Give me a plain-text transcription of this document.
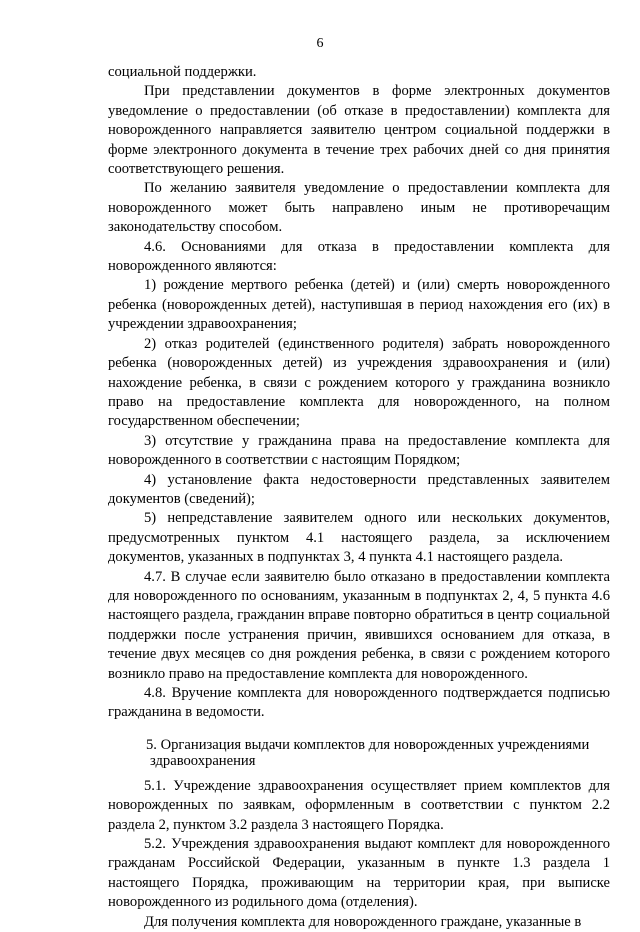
6

социальной поддержки.

При представлении документов в форме электронных документов уведомление о предоставлении (об отказе в предоставлении) комплекта для новорожденного направляется заявителю центром социальной поддержки в форме электронного документа в течение трех рабочих дней со дня принятия соответствующего решения.

По желанию заявителя уведомление о предоставлении комплекта для новорожденного может быть направлено иным не противоречащим законодательству способом.

4.6. Основаниями для отказа в предоставлении комплекта для новорожденного являются:

1) рождение мертвого ребенка (детей) и (или) смерть новорожденного ребенка (новорожденных детей), наступившая в период нахождения его (их) в учреждении здравоохранения;

2) отказ родителей (единственного родителя) забрать новорожденного ребенка (новорожденных детей) из учреждения здравоохранения и (или) нахождение ребенка, в связи с рождением которого у гражданина возникло право на предоставление комплекта для новорожденного, на полном государственном обеспечении;

3) отсутствие у гражданина права на предоставление комплекта для новорожденного в соответствии с настоящим Порядком;

4) установление факта недостоверности представленных заявителем документов (сведений);

5) непредставление заявителем одного или нескольких документов, предусмотренных пунктом 4.1 настоящего раздела, за исключением документов, указанных в подпунктах 3, 4 пункта 4.1 настоящего раздела.

4.7. В случае если заявителю было отказано в предоставлении комплекта для новорожденного по основаниям, указанным в подпунктах 2, 4, 5 пункта 4.6 настоящего раздела, гражданин вправе повторно обратиться в центр социальной поддержки после устранения причин, явившихся основанием для отказа, в течение двух месяцев со дня рождения ребенка, в связи с рождением которого возникло право на предоставление комплекта для новорожденного.

4.8. Вручение комплекта для новорожденного подтверждается подписью гражданина в ведомости.

5. Организация выдачи комплектов для новорожденных учреждениями
здравоохранения

5.1. Учреждение здравоохранения осуществляет прием комплектов для новорожденных по заявкам, оформленным в соответствии с пунктом 2.2 раздела 2, пунктом 3.2 раздела 3 настоящего Порядка.

5.2. Учреждения здравоохранения выдают комплект для новорожденного гражданам Российской Федерации, указанным в пункте 1.3 раздела 1 настоящего Порядка, проживающим на территории края, при выписке новорожденного из родильного дома (отделения).

Для получения комплекта для новорожденного граждане, указанные в
